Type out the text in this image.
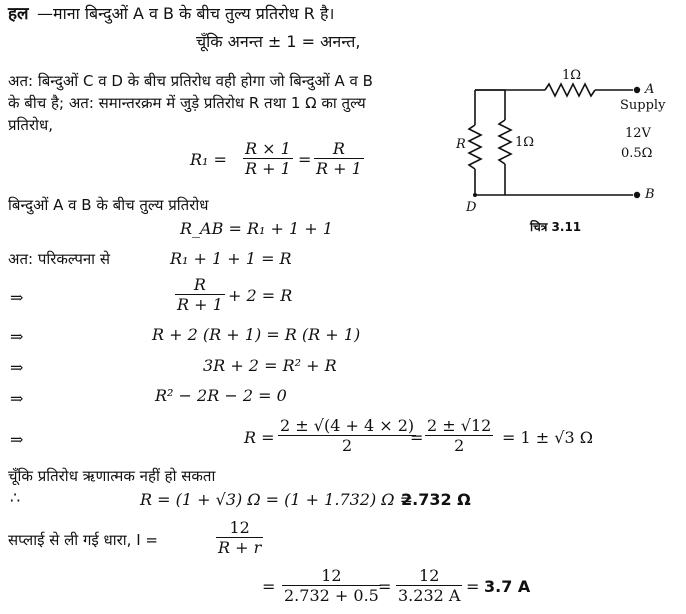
हल —माना बिन्दुओं A व B के बीच तुल्य प्रतिरोध R है।
चूँकि अनन्त ± 1 = अनन्त,
अत: बिन्दुओं C व D के बीच प्रतिरोध वही होगा जो बिन्दुओं A व B
के बीच है; अत: समान्तरक्रम में जुड़े प्रतिरोध R तथा 1 Ω का तुल्य
प्रतिरोध,
$R_1 = \frac{R \times 1}{R + 1} = \frac{R}{R + 1}$
बिन्दुओं A व B के बीच तुल्य प्रतिरोध
R_AB = R₁ + 1 + 1
अत: परिकल्पना से	R₁ + 1 + 1 = R
⇒	$\frac{R}{R + 1} + 2 = R$
⇒	R + 2 (R + 1) = R (R + 1)
⇒	3R + 2 = R² + R
⇒	R² − 2R − 2 = 0
⇒	$R = \frac{2 \pm √(4 + 4 \times 2)}{2}$
= $\frac{2 \pm √12}{2} = 1 \pm √3$ Ω
चूँकि प्रतिरोध ऋणात्मक नहीं हो सकता
∴	R = (1 + √3) Ω = (1 + 1.732) Ω =
2.732 Ω
सप्लाई से ली गई धारा, I =	$\frac{12}{R + r}$
= $\frac{12}{2.732 + 0.5}$
= $\frac{12}{3.232 A} = 3.7$ A
1Ω
A
Supply
R	1Ω
12V
0.5Ω
D
B
चित्र 3.11
